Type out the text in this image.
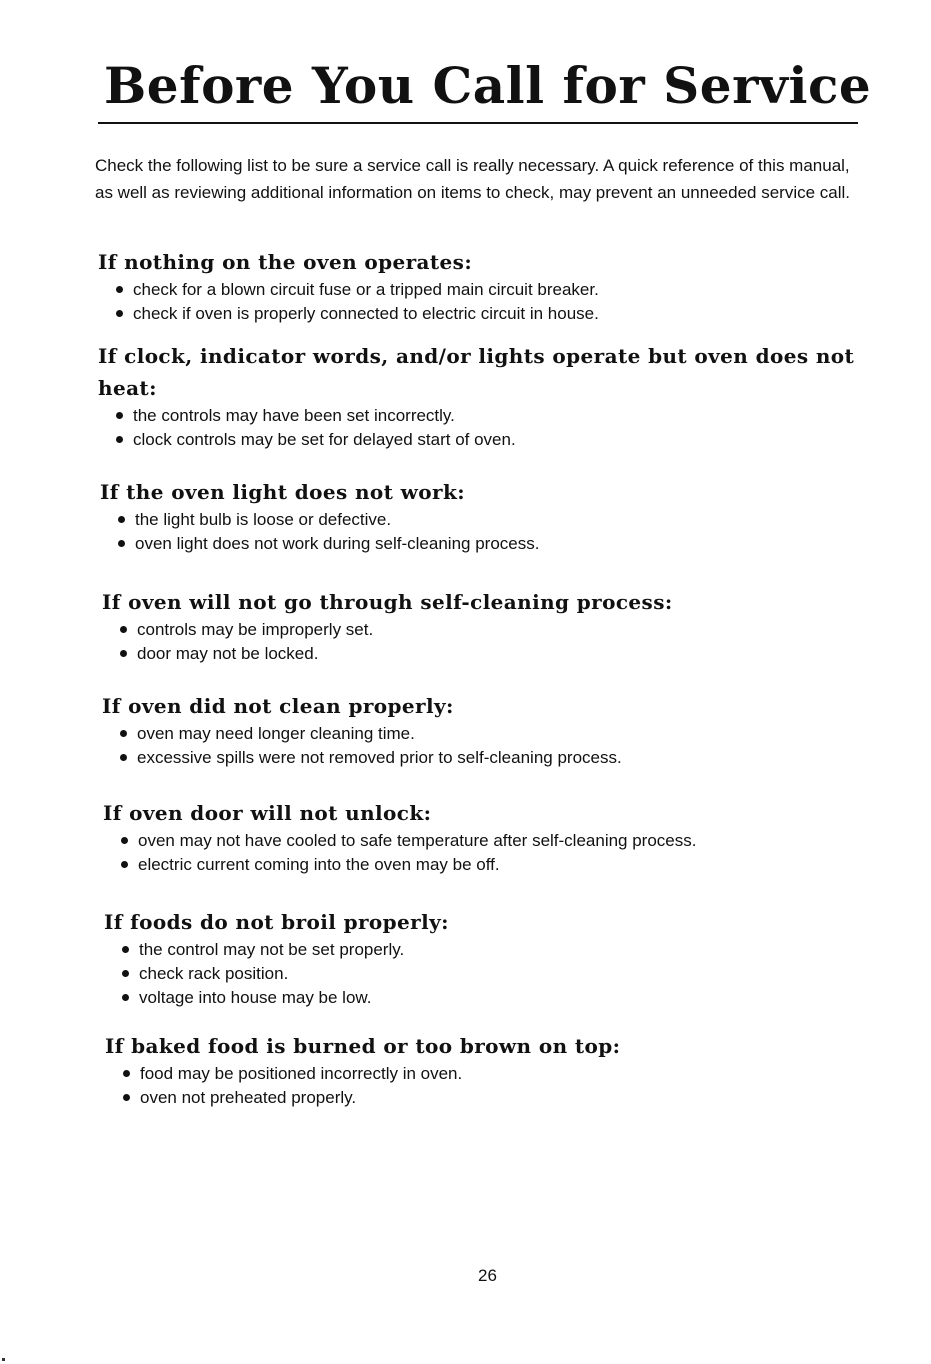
Before You Call for Service

Check the following list to be sure a service call is really necessary. A quick reference of this manual, as well as reviewing additional information on items to check, may prevent an unneeded service call.

If nothing on the oven operates:
check for a blown circuit fuse or a tripped main circuit breaker.
check if oven is properly connected to electric circuit in house.
If clock, indicator words, and/or lights operate but oven does not heat:
the controls may have been set incorrectly.
clock controls may be set for delayed start of oven.
If the oven light does not work:
the light bulb is loose or defective.
oven light does not work during self-cleaning process.
If oven will not go through self-cleaning process:
controls may be improperly set.
door may not be locked.
If oven did not clean properly:
oven may need longer cleaning time.
excessive spills were not removed prior to self-cleaning process.
If oven door will not unlock:
oven may not have cooled to safe temperature after self-cleaning process.
electric current coming into the oven may be off.
If foods do not broil properly:
the control may not be set properly.
check rack position.
voltage into house may be low.
If baked food is burned or too brown on top:
food may be positioned incorrectly in oven.
oven not preheated properly.
26
